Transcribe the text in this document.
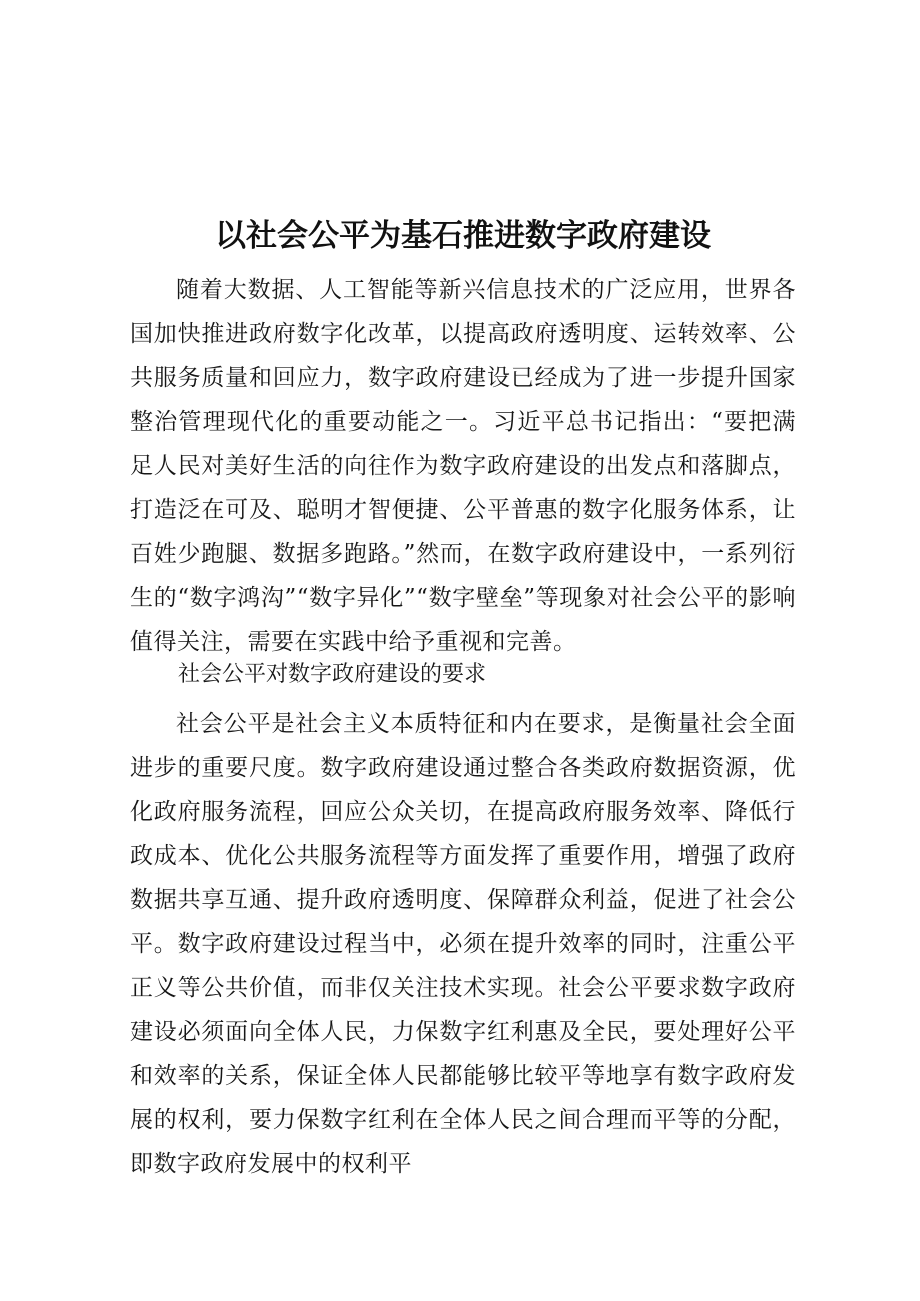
以社会公平为基石推进数字政府建设
随着大数据、人工智能等新兴信息技术的广泛应用，世界各国加快推进政府数字化改革，以提高政府透明度、运转效率、公共服务质量和回应力，数字政府建设已经成为了进一步提升国家整治管理现代化的重要动能之一。习近平总书记指出：“要把满足人民对美好生活的向往作为数字政府建设的出发点和落脚点，打造泛在可及、聪明才智便捷、公平普惠的数字化服务体系，让百姓少跑腿、数据多跑路。”然而，在数字政府建设中，一系列衍生的“数字鸿沟”“数字异化”“数字壁垒”等现象对社会公平的影响值得关注，需要在实践中给予重视和完善。
社会公平对数字政府建设的要求
社会公平是社会主义本质特征和内在要求，是衡量社会全面进步的重要尺度。数字政府建设通过整合各类政府数据资源，优化政府服务流程，回应公众关切，在提高政府服务效率、降低行政成本、优化公共服务流程等方面发挥了重要作用，增强了政府数据共享互通、提升政府透明度、保障群众利益，促进了社会公平。数字政府建设过程当中，必须在提升效率的同时，注重公平正义等公共价值，而非仅关注技术实现。社会公平要求数字政府建设必须面向全体人民，力保数字红利惠及全民，要处理好公平和效率的关系，保证全体人民都能够比较平等地享有数字政府发展的权利，要力保数字红利在全体人民之间合理而平等的分配，即数字政府发展中的权利平
